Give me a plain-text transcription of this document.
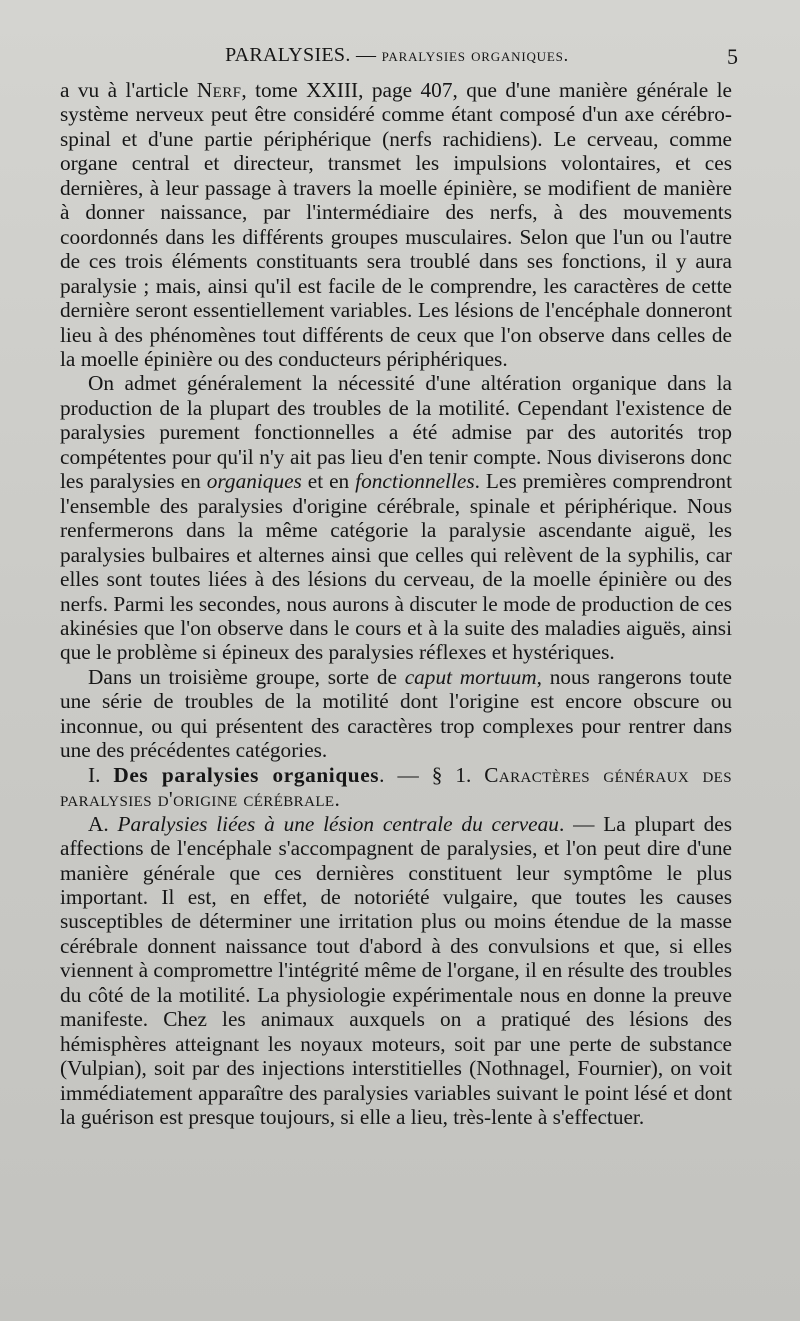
PARALYSIES. — paralysies organiques.	5

a vu à l'article Nerf, tome XXIII, page 407, que d'une manière générale le système nerveux peut être considéré comme étant composé d'un axe cérébro-spinal et d'une partie périphérique (nerfs rachidiens). Le cerveau, comme organe central et directeur, transmet les impulsions volontaires, et ces dernières, à leur passage à travers la moelle épinière, se modifient de manière à donner naissance, par l'intermédiaire des nerfs, à des mouvements coordonnés dans les différents groupes musculaires. Selon que l'un ou l'autre de ces trois éléments constituants sera troublé dans ses fonctions, il y aura paralysie ; mais, ainsi qu'il est facile de le comprendre, les caractères de cette dernière seront essentiellement variables. Les lésions de l'encéphale donneront lieu à des phénomènes tout différents de ceux que l'on observe dans celles de la moelle épinière ou des conducteurs périphériques.

On admet généralement la nécessité d'une altération organique dans la production de la plupart des troubles de la motilité. Cependant l'existence de paralysies purement fonctionnelles a été admise par des autorités trop compétentes pour qu'il n'y ait pas lieu d'en tenir compte. Nous diviserons donc les paralysies en organiques et en fonctionnelles. Les premières comprendront l'ensemble des paralysies d'origine cérébrale, spinale et périphérique. Nous renfermerons dans la même catégorie la paralysie ascendante aiguë, les paralysies bulbaires et alternes ainsi que celles qui relèvent de la syphilis, car elles sont toutes liées à des lésions du cerveau, de la moelle épinière ou des nerfs. Parmi les secondes, nous aurons à discuter le mode de production de ces akinésies que l'on observe dans le cours et à la suite des maladies aiguës, ainsi que le problème si épineux des paralysies réflexes et hystériques.

Dans un troisième groupe, sorte de caput mortuum, nous rangerons toute une série de troubles de la motilité dont l'origine est encore obscure ou inconnue, ou qui présentent des caractères trop complexes pour rentrer dans une des précédentes catégories.

I. Des paralysies organiques. — § 1. Caractères généraux des paralysies d'origine cérébrale.

A. Paralysies liées à une lésion centrale du cerveau. — La plupart des affections de l'encéphale s'accompagnent de paralysies, et l'on peut dire d'une manière générale que ces dernières constituent leur symptôme le plus important. Il est, en effet, de notoriété vulgaire, que toutes les causes susceptibles de déterminer une irritation plus ou moins étendue de la masse cérébrale donnent naissance tout d'abord à des convulsions et que, si elles viennent à compromettre l'intégrité même de l'organe, il en résulte des troubles du côté de la motilité. La physiologie expérimentale nous en donne la preuve manifeste. Chez les animaux auxquels on a pratiqué des lésions des hémisphères atteignant les noyaux moteurs, soit par une perte de substance (Vulpian), soit par des injections interstitielles (Nothnagel, Fournier), on voit immédiatement apparaître des paralysies variables suivant le point lésé et dont la guérison est presque toujours, si elle a lieu, très-lente à s'effectuer.
